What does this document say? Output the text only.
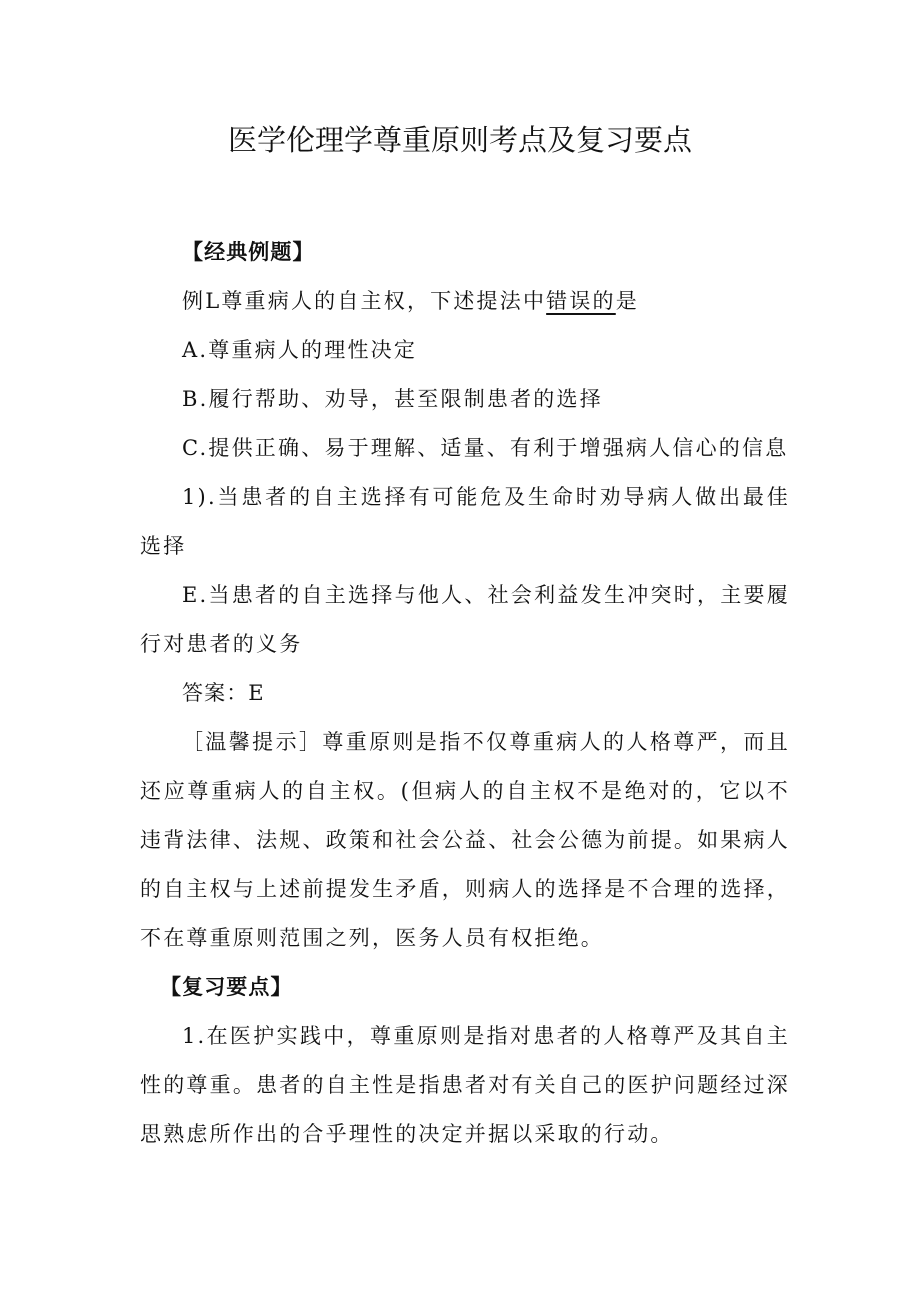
医学伦理学尊重原则考点及复习要点

【经典例题】

例L尊重病人的自主权，下述提法中错误的是

A.尊重病人的理性决定

B.履行帮助、劝导，甚至限制患者的选择

C.提供正确、易于理解、适量、有利于增强病人信心的信息

1).当患者的自主选择有可能危及生命时劝导病人做出最佳选择

E.当患者的自主选择与他人、社会利益发生冲突时，主要履行对患者的义务

答案：E

［温馨提示］尊重原则是指不仅尊重病人的人格尊严，而且还应尊重病人的自主权。(但病人的自主权不是绝对的，它以不违背法律、法规、政策和社会公益、社会公德为前提。如果病人的自主权与上述前提发生矛盾，则病人的选择是不合理的选择，不在尊重原则范围之列，医务人员有权拒绝。

【复习要点】

1.在医护实践中，尊重原则是指对患者的人格尊严及其自主性的尊重。患者的自主性是指患者对有关自己的医护问题经过深思熟虑所作出的合乎理性的决定并据以采取的行动。
